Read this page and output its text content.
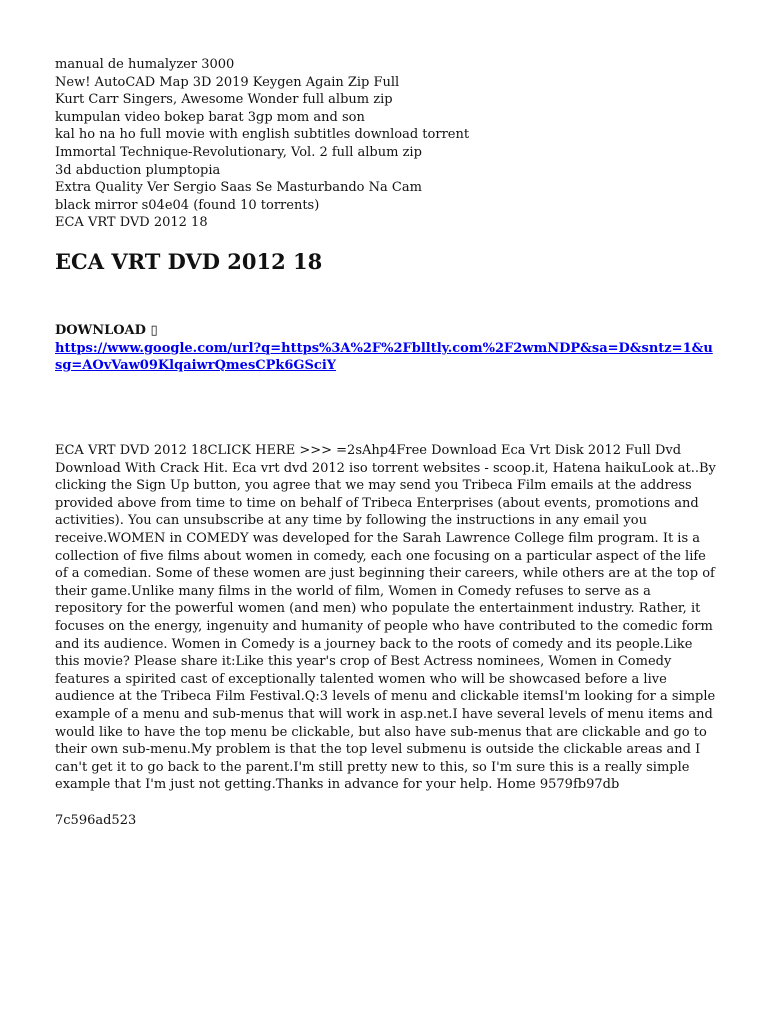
manual de humalyzer 3000
New! AutoCAD Map 3D 2019 Keygen Again Zip Full
Kurt Carr Singers, Awesome Wonder full album zip
kumpulan video bokep barat 3gp mom and son
kal ho na ho full movie with english subtitles download torrent
Immortal Technique-Revolutionary, Vol. 2 full album zip
3d abduction plumptopia
Extra Quality Ver Sergio Saas Se Masturbando Na Cam
black mirror s04e04 (found 10 torrents)
ECA VRT DVD 2012 18
ECA VRT DVD 2012 18
DOWNLOAD ▯
https://www.google.com/url?q=https%3A%2F%2Fblltly.com%2F2wmNDP&sa=D&sntz=1&usg=AOvVaw09KlqaiwrQmesCPk6GSciY

ECA VRT DVD 2012 18CLICK HERE >>> =2sAhp4Free Download Eca Vrt Disk 2012 Full Dvd Download With Crack Hit. Eca vrt dvd 2012 iso torrent websites - scoop.it, Hatena haikuLook at..By clicking the Sign Up button, you agree that we may send you Tribeca Film emails at the address provided above from time to time on behalf of Tribeca Enterprises (about events, promotions and activities). You can unsubscribe at any time by following the instructions in any email you receive.WOMEN in COMEDY was developed for the Sarah Lawrence College film program. It is a collection of five films about women in comedy, each one focusing on a particular aspect of the life of a comedian. Some of these women are just beginning their careers, while others are at the top of their game.Unlike many films in the world of film, Women in Comedy refuses to serve as a repository for the powerful women (and men) who populate the entertainment industry. Rather, it focuses on the energy, ingenuity and humanity of people who have contributed to the comedic form and its audience. Women in Comedy is a journey back to the roots of comedy and its people.Like this movie? Please share it:Like this year's crop of Best Actress nominees, Women in Comedy features a spirited cast of exceptionally talented women who will be showcased before a live audience at the Tribeca Film Festival.Q:3 levels of menu and clickable itemsI'm looking for a simple example of a menu and sub-menus that will work in asp.net.I have several levels of menu items and would like to have the top menu be clickable, but also have sub-menus that are clickable and go to their own sub-menu.My problem is that the top level submenu is outside the clickable areas and I can't get it to go back to the parent.I'm still pretty new to this, so I'm sure this is a really simple example that I'm just not getting.Thanks in advance for your help. Home 9579fb97db

7c596ad523
